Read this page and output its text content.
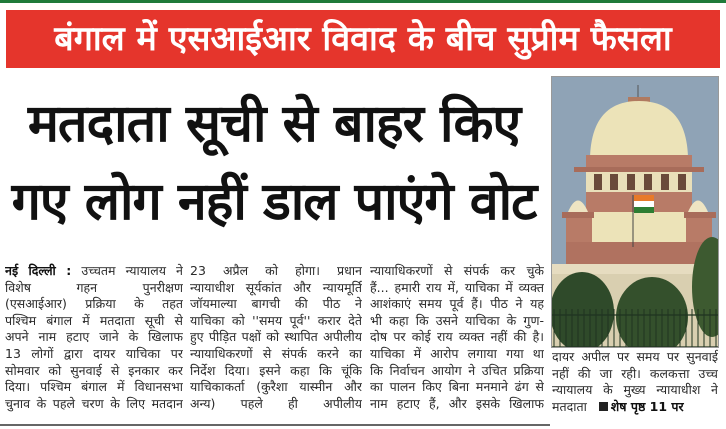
बंगाल में एसआईआर विवाद के बीच सुप्रीम फैसला
मतदाता सूची से बाहर किए
गए लोग नहीं डाल पाएंगे वोट
नई दिल्ली : उच्चतम न्यायालय ने
विशेष गहन पुनरीक्षण
(एसआईआर) प्रक्रिया के तहत
पश्चिम बंगाल में मतदाता सूची से
अपने नाम हटाए जाने के खिलाफ
13 लोगों द्वारा दायर याचिका पर
सोमवार को सुनवाई से इनकार कर
दिया। पश्चिम बंगाल में विधानसभा
चुनाव के पहले चरण के लिए मतदान
23 अप्रैल को होगा। प्रधान
न्यायाधीश सूर्यकांत और न्यायमूर्ति
जॉयमाल्या बागची की पीठ ने
याचिका को ''समय पूर्व'' करार देते
हुए पीड़ित पक्षों को स्थापित अपीलीय
न्यायाधिकरणों से संपर्क करने का
निर्देश दिया। इसने कहा कि चूंकि
याचिकाकर्ता (कुरैशा यास्मीन और
अन्य) पहले ही अपीलीय
न्यायाधिकरणों से संपर्क कर चुके
हैं... हमारी राय में, याचिका में व्यक्त
आशंकाएं समय पूर्व हैं। पीठ ने यह
भी कहा कि उसने याचिका के गुण-
दोष पर कोई राय व्यक्त नहीं की है।
याचिका में आरोप लगाया गया था
कि निर्वाचन आयोग ने उचित प्रक्रिया
का पालन किए बिना मनमाने ढंग से
नाम हटाए हैं, और इसके खिलाफ
दायर अपील पर समय पर सुनवाई
नहीं की जा रही। कलकत्ता उच्च
न्यायालय के मुख्य न्यायाधीश ने
मतदाता शेष पृष्ठ 11 पर
